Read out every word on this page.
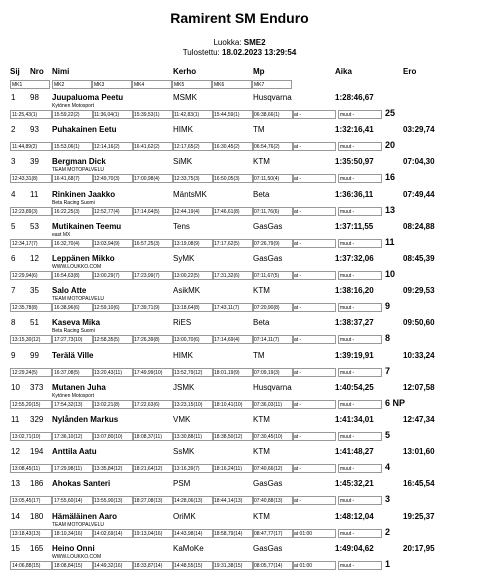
Ramirent SM Enduro
Luokka: SME2
Tulostettu: 18.02.2023 13:29:54
Sij Nro Nimi	Kerho	Mp	Aika	Ero
MK1	MK2	MK3	MK4	MK5	MK6	MK7
1 98 Juupaluoma Peetu	MSMK	Husqvarna	1:28:46,67
Kytönen Motosport
11:25,43(1)	15:59,22(2)	11:36,04(1)	15:39,53(1)	11:42,83(1)	15:44,59(1)	06:38,66(1)	at -	muut -	25
2 93 Puhakainen Eetu	HIMK	TM	1:32:16,41	03:29,74
11:44,89(2)	15:53,06(1)	12:14,16(2)	16:41,62(2)	12:17,65(2)	16:30,45(2)	06:54,76(2)	at -	muut -	20
3 39 Bergman Dick	SiMK	KTM	1:35:50,97	07:04,30
TEAM MOTOPALVELU
12:43,31(8)	16:41,68(7)	12:49,70(3)	17:00,98(4)	12:33,75(3)	16:50,05(3)	07:11,50(4)	at -	muut -	16
4 11 Rinkinen Jaakko	MäntsMK	Beta	1:36:36,11	07:49,44
Beta Racing Suomi
12:23,89(3)	16:22,25(3)	12:52,77(4)	17:14,64(5)	12:44,19(4)	17:46,61(8)	07:11,76(6)	at -	muut -	13
5 53 Mutikainen Teemu	Tens	GasGas	1:37:11,55	08:24,88
east MX
12:34,17(7)	16:32,70(4)	13:03,94(9)	16:57,25(3)	13:19,08(9)	17:17,62(5)	07:26,79(9)	at -	muut -	11
6 12 Leppänen Mikko	SyMK	GasGas	1:37:32,06	08:45,39
WWW.LOUKKO.COM
12:29,94(6)	16:54,63(8)	13:00,29(7)	17:23,99(7)	13:00,22(5)	17:31,32(6)	07:11,67(5)	at -	muut -	10
7 35 Salo Atte	AsikMK	KTM	1:38:16,20	09:29,53
TEAM MOTOPALVELU
12:35,78(8)	16:38,96(6)	12:59,10(6)	17:39,71(9)	13:18,64(8)	17:43,11(7)	07:20,90(8)	at -	muut -	9
8 51 Kaseva Mika	RiES	Beta	1:38:37,27	09:50,60
Beta Racing Suomi
13:15,30(12)	17:27,73(10)	12:58,35(5)	17:26,39(8)	13:00,70(6)	17:14,69(4)	07:14,11(7)	at -	muut -	8
9 99 Terälä Ville	HIMK	TM	1:39:19,91	10:33,24
12:29,24(5)	16:37,08(5)	13:20,43(11)	17:49,99(10)	13:52,79(12)	18:01,19(9)	07:09,19(3)	at -	muut -	7
10 373 Mutanen Juha	JSMK	Husqvarna	1:40:54,25	12:07,58
Kytönen Motosport
12:55,20(15)	17:54,32(13)	13:02,21(8)	17:22,63(6)	13:23,15(10)	18:10,41(10)	07:36,03(11)	at -	muut -	6 NP
11 329 Nylånden Markus	VMK	KTM	1:41:34,01	12:47,34
13:02,71(10)	17:36,10(12)	13:07,80(10)	18:08,37(11)	13:30,88(11)	18:38,50(12)	07:30,45(10)	at -	muut -	5
12 194 Anttila Aatu	SsMK	KTM	1:41:48,27	13:01,60
13:08,45(11)	17:29,98(11)	13:35,84(12)	18:21,64(12)	13:16,39(7)	18:16,24(11)	07:40,66(12)	at -	muut -	4
13 186 Ahokas Santeri	PSM	GasGas	1:45:32,21	16:45,54
13:05,45(17)	17:55,60(14)	13:55,90(13)	18:27,08(13)	14:28,06(13)	18:44,14(13)	07:40,88(13)	at -	muut -	3
14 180 Hämäläinen Aaro	OriMK	KTM	1:48:12,04	19:25,37
TEAM MOTOPALVELU
13:18,43(13)	18:10,34(16)	14:02,69(14)	19:13,04(16)	14:43,98(14)	18:58,79(14)	08:47,77(17)	at 01:00	muut -	2
15 165 Heino Onni	KaMoKe	GasGas	1:49:04,62	20:17,95
WWW.LOUKKO.COM
14:06,88(15)	18:08,84(15)	14:49,32(16)	18:33,87(14)	14:48,55(15)	19:31,38(15)	08:05,77(14)	at 01:00	muut -	1
